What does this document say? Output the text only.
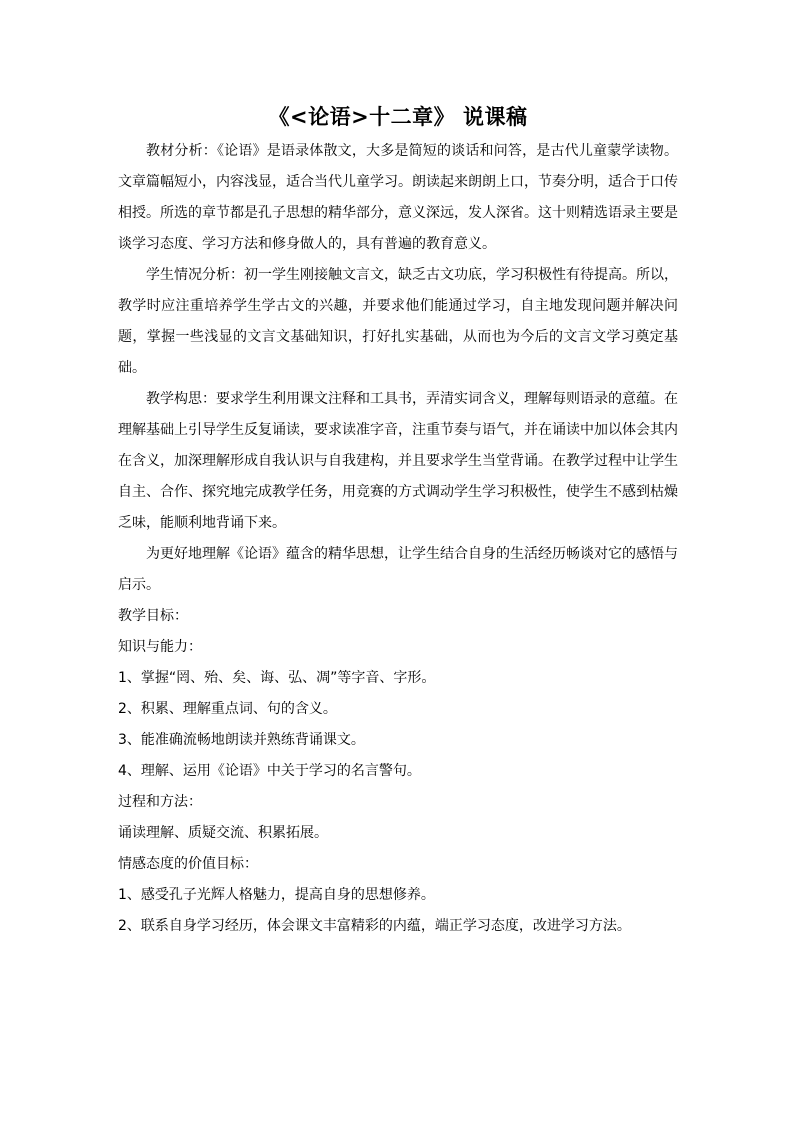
《<论语>十二章》 说课稿

教材分析：《论语》是语录体散文，大多是简短的谈话和问答，是古代儿童蒙学读物。文章篇幅短小，内容浅显，适合当代儿童学习。朗读起来朗朗上口，节奏分明，适合于口传相授。所选的章节都是孔子思想的精华部分，意义深远，发人深省。这十则精选语录主要是谈学习态度、学习方法和修身做人的，具有普遍的教育意义。

学生情况分析：初一学生刚接触文言文，缺乏古文功底，学习积极性有待提高。所以，教学时应注重培养学生学古文的兴趣，并要求他们能通过学习，自主地发现问题并解决问题，掌握一些浅显的文言文基础知识，打好扎实基础，从而也为今后的文言文学习奠定基础。

教学构思：要求学生利用课文注释和工具书，弄清实词含义，理解每则语录的意蕴。在理解基础上引导学生反复诵读，要求读准字音，注重节奏与语气，并在诵读中加以体会其内在含义，加深理解形成自我认识与自我建构，并且要求学生当堂背诵。在教学过程中让学生自主、合作、探究地完成教学任务，用竞赛的方式调动学生学习积极性，使学生不感到枯燥乏味，能顺利地背诵下来。

为更好地理解《论语》蕴含的精华思想，让学生结合自身的生活经历畅谈对它的感悟与启示。

教学目标：

知识与能力：

1、掌握“罔、殆、矣、诲、弘、凋”等字音、字形。

2、积累、理解重点词、句的含义。

3、能准确流畅地朗读并熟练背诵课文。

4、理解、运用《论语》中关于学习的名言警句。

过程和方法：

诵读理解、质疑交流、积累拓展。

情感态度的价值目标：

1、感受孔子光辉人格魅力，提高自身的思想修养。

2、联系自身学习经历，体会课文丰富精彩的内蕴，端正学习态度，改进学习方法。
